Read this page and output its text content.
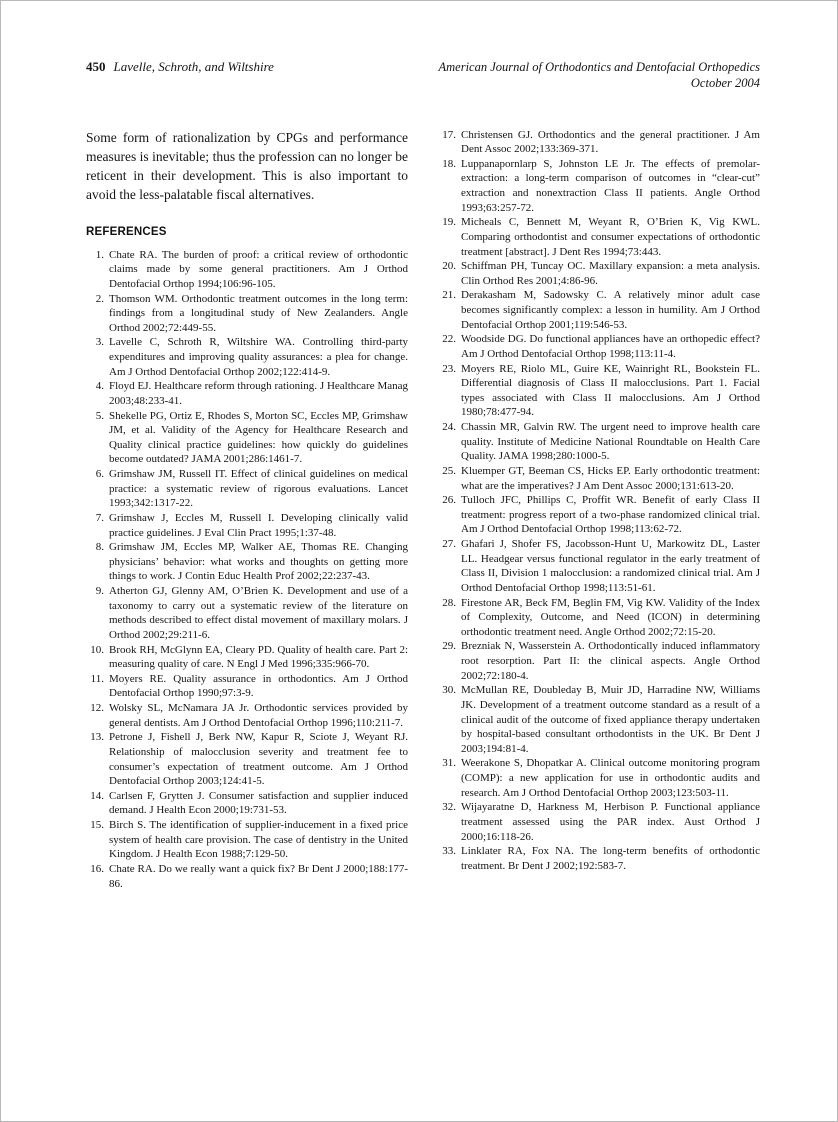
450 Lavelle, Schroth, and Wiltshire	American Journal of Orthodontics and Dentofacial Orthopedics
October 2004

Some form of rationalization by CPGs and performance measures is inevitable; thus the profession can no longer be reticent in their development. This is also important to avoid the less-palatable fiscal alternatives.

REFERENCES
1. Chate RA. The burden of proof: a critical review of orthodontic claims made by some general practitioners. Am J Orthod Dentofacial Orthop 1994;106:96-105.
2. Thomson WM. Orthodontic treatment outcomes in the long term: findings from a longitudinal study of New Zealanders. Angle Orthod 2002;72:449-55.
3. Lavelle C, Schroth R, Wiltshire WA. Controlling third-party expenditures and improving quality assurances: a plea for change. Am J Orthod Dentofacial Orthop 2002;122:414-9.
4. Floyd EJ. Healthcare reform through rationing. J Healthcare Manag 2003;48:233-41.
5. Shekelle PG, Ortiz E, Rhodes S, Morton SC, Eccles MP, Grimshaw JM, et al. Validity of the Agency for Healthcare Research and Quality clinical practice guidelines: how quickly do guidelines become outdated? JAMA 2001;286:1461-7.
6. Grimshaw JM, Russell IT. Effect of clinical guidelines on medical practice: a systematic review of rigorous evaluations. Lancet 1993;342:1317-22.
7. Grimshaw J, Eccles M, Russell I. Developing clinically valid practice guidelines. J Eval Clin Pract 1995;1:37-48.
8. Grimshaw JM, Eccles MP, Walker AE, Thomas RE. Changing physicians’ behavior: what works and thoughts on getting more things to work. J Contin Educ Health Prof 2002;22:237-43.
9. Atherton GJ, Glenny AM, O’Brien K. Development and use of a taxonomy to carry out a systematic review of the literature on methods described to effect distal movement of maxillary molars. J Orthod 2002;29:211-6.
10. Brook RH, McGlynn EA, Cleary PD. Quality of health care. Part 2: measuring quality of care. N Engl J Med 1996;335:966-70.
11. Moyers RE. Quality assurance in orthodontics. Am J Orthod Dentofacial Orthop 1990;97:3-9.
12. Wolsky SL, McNamara JA Jr. Orthodontic services provided by general dentists. Am J Orthod Dentofacial Orthop 1996;110:211-7.
13. Petrone J, Fishell J, Berk NW, Kapur R, Sciote J, Weyant RJ. Relationship of malocclusion severity and treatment fee to consumer’s expectation of treatment outcome. Am J Orthod Dentofacial Orthop 2003;124:41-5.
14. Carlsen F, Grytten J. Consumer satisfaction and supplier induced demand. J Health Econ 2000;19:731-53.
15. Birch S. The identification of supplier-inducement in a fixed price system of health care provision. The case of dentistry in the United Kingdom. J Health Econ 1988;7:129-50.
16. Chate RA. Do we really want a quick fix? Br Dent J 2000;188:177-86.
17. Christensen GJ. Orthodontics and the general practitioner. J Am Dent Assoc 2002;133:369-371.
18. Luppanapornlarp S, Johnston LE Jr. The effects of premolar-extraction: a long-term comparison of outcomes in “clear-cut” extraction and nonextraction Class II patients. Angle Orthod 1993;63:257-72.
19. Micheals C, Bennett M, Weyant R, O’Brien K, Vig KWL. Comparing orthodontist and consumer expectations of orthodontic treatment [abstract]. J Dent Res 1994;73:443.
20. Schiffman PH, Tuncay OC. Maxillary expansion: a meta analysis. Clin Orthod Res 2001;4:86-96.
21. Derakasham M, Sadowsky C. A relatively minor adult case becomes significantly complex: a lesson in humility. Am J Orthod Dentofacial Orthop 2001;119:546-53.
22. Woodside DG. Do functional appliances have an orthopedic effect? Am J Orthod Dentofacial Orthop 1998;113:11-4.
23. Moyers RE, Riolo ML, Guire KE, Wainright RL, Bookstein FL. Differential diagnosis of Class II malocclusions. Part 1. Facial types associated with Class II malocclusions. Am J Orthod 1980;78:477-94.
24. Chassin MR, Galvin RW. The urgent need to improve health care quality. Institute of Medicine National Roundtable on Health Care Quality. JAMA 1998;280:1000-5.
25. Kluemper GT, Beeman CS, Hicks EP. Early orthodontic treatment: what are the imperatives? J Am Dent Assoc 2000;131:613-20.
26. Tulloch JFC, Phillips C, Proffit WR. Benefit of early Class II treatment: progress report of a two-phase randomized clinical trial. Am J Orthod Dentofacial Orthop 1998;113:62-72.
27. Ghafari J, Shofer FS, Jacobsson-Hunt U, Markowitz DL, Laster LL. Headgear versus functional regulator in the early treatment of Class II, Division 1 malocclusion: a randomized clinical trial. Am J Orthod Dentofacial Orthop 1998;113:51-61.
28. Firestone AR, Beck FM, Beglin FM, Vig KW. Validity of the Index of Complexity, Outcome, and Need (ICON) in determining orthodontic treatment need. Angle Orthod 2002;72:15-20.
29. Brezniak N, Wasserstein A. Orthodontically induced inflammatory root resorption. Part II: the clinical aspects. Angle Orthod 2002;72:180-4.
30. McMullan RE, Doubleday B, Muir JD, Harradine NW, Williams JK. Development of a treatment outcome standard as a result of a clinical audit of the outcome of fixed appliance therapy undertaken by hospital-based consultant orthodontists in the UK. Br Dent J 2003;194:81-4.
31. Weerakone S, Dhopatkar A. Clinical outcome monitoring program (COMP): a new application for use in orthodontic audits and research. Am J Orthod Dentofacial Orthop 2003;123:503-11.
32. Wijayaratne D, Harkness M, Herbison P. Functional appliance treatment assessed using the PAR index. Aust Orthod J 2000;16:118-26.
33. Linklater RA, Fox NA. The long-term benefits of orthodontic treatment. Br Dent J 2002;192:583-7.
